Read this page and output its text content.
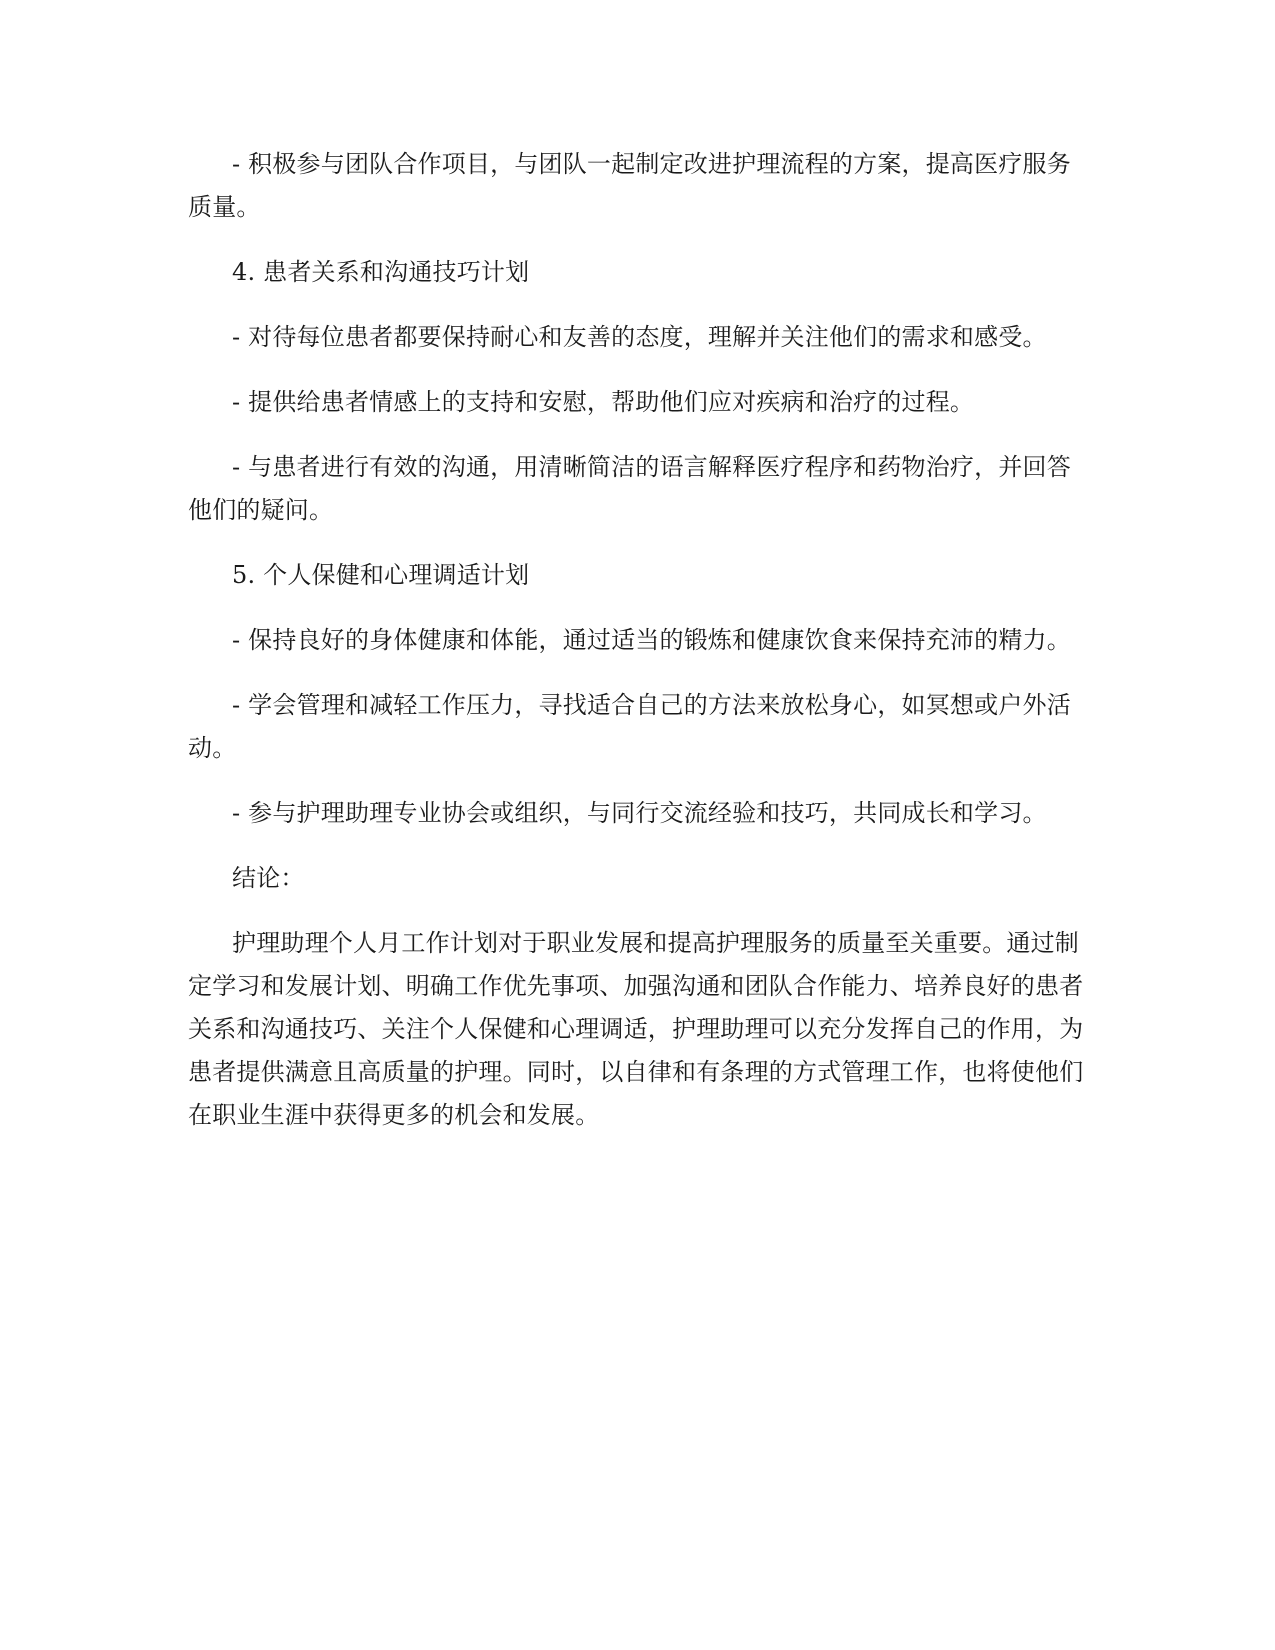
- 积极参与团队合作项目，与团队一起制定改进护理流程的方案，提高医疗服务质量。

4. 患者关系和沟通技巧计划

- 对待每位患者都要保持耐心和友善的态度，理解并关注他们的需求和感受。

- 提供给患者情感上的支持和安慰，帮助他们应对疾病和治疗的过程。

- 与患者进行有效的沟通，用清晰简洁的语言解释医疗程序和药物治疗，并回答他们的疑问。

5. 个人保健和心理调适计划

- 保持良好的身体健康和体能，通过适当的锻炼和健康饮食来保持充沛的精力。

- 学会管理和减轻工作压力，寻找适合自己的方法来放松身心，如冥想或户外活动。

- 参与护理助理专业协会或组织，与同行交流经验和技巧，共同成长和学习。

结论：

护理助理个人月工作计划对于职业发展和提高护理服务的质量至关重要。通过制定学习和发展计划、明确工作优先事项、加强沟通和团队合作能力、培养良好的患者关系和沟通技巧、关注个人保健和心理调适，护理助理可以充分发挥自己的作用，为患者提供满意且高质量的护理。同时，以自律和有条理的方式管理工作，也将使他们在职业生涯中获得更多的机会和发展。
